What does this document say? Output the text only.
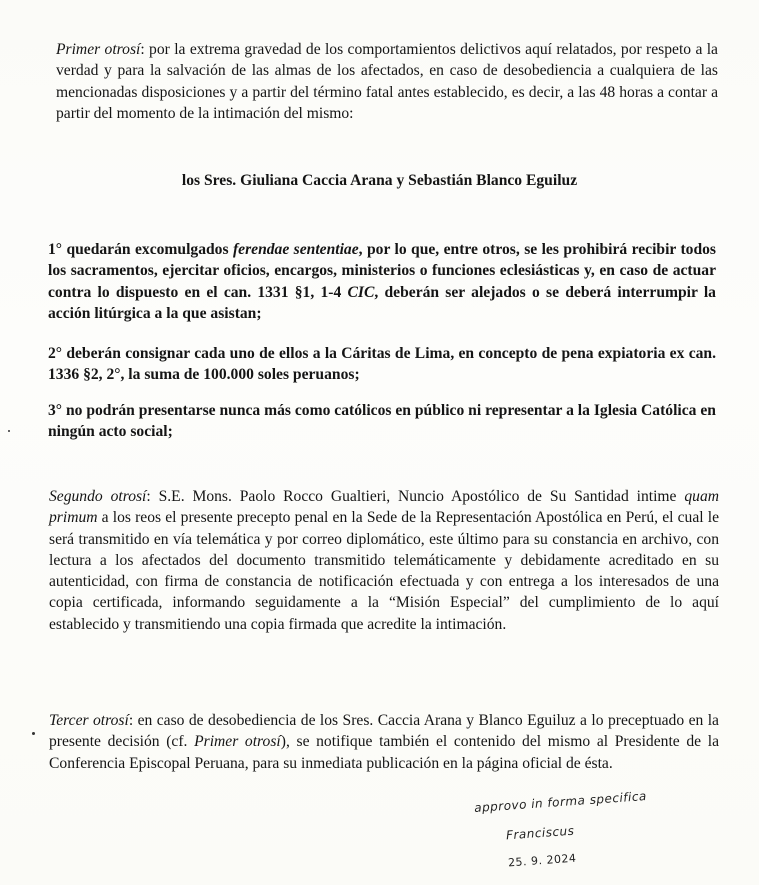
Primer otrosí: por la extrema gravedad de los comportamientos delictivos aquí relatados, por respeto a la verdad y para la salvación de las almas de los afectados, en caso de desobediencia a cualquiera de las mencionadas disposiciones y a partir del término fatal antes establecido, es decir, a las 48 horas a contar a partir del momento de la intimación del mismo:

los Sres. Giuliana Caccia Arana y Sebastián Blanco Eguiluz

1° quedarán excomulgados ferendae sententiae, por lo que, entre otros, se les prohibirá recibir todos los sacramentos, ejercitar oficios, encargos, ministerios o funciones eclesiásticas y, en caso de actuar contra lo dispuesto en el can. 1331 §1, 1-4 CIC, deberán ser alejados o se deberá interrumpir la acción litúrgica a la que asistan;

2° deberán consignar cada uno de ellos a la Cáritas de Lima, en concepto de pena expiatoria ex can. 1336 §2, 2°, la suma de 100.000 soles peruanos;

3° no podrán presentarse nunca más como católicos en público ni representar a la Iglesia Católica en ningún acto social;

Segundo otrosí: S.E. Mons. Paolo Rocco Gualtieri, Nuncio Apostólico de Su Santidad intime quam primum a los reos el presente precepto penal en la Sede de la Representación Apostólica en Perú, el cual le será transmitido en vía telemática y por correo diplomático, este último para su constancia en archivo, con lectura a los afectados del documento transmitido telemáticamente y debidamente acreditado en su autenticidad, con firma de constancia de notificación efectuada y con entrega a los interesados de una copia certificada, informando seguidamente a la “Misión Especial” del cumplimiento de lo aquí establecido y transmitiendo una copia firmada que acredite la intimación.

Tercer otrosí: en caso de desobediencia de los Sres. Caccia Arana y Blanco Eguiluz a lo preceptuado en la presente decisión (cf. Primer otrosí), se notifique también el contenido del mismo al Presidente de la Conferencia Episcopal Peruana, para su inmediata publicación en la página oficial de ésta.

approvo in forma specifica
Franciscus
25. 9. 2024
